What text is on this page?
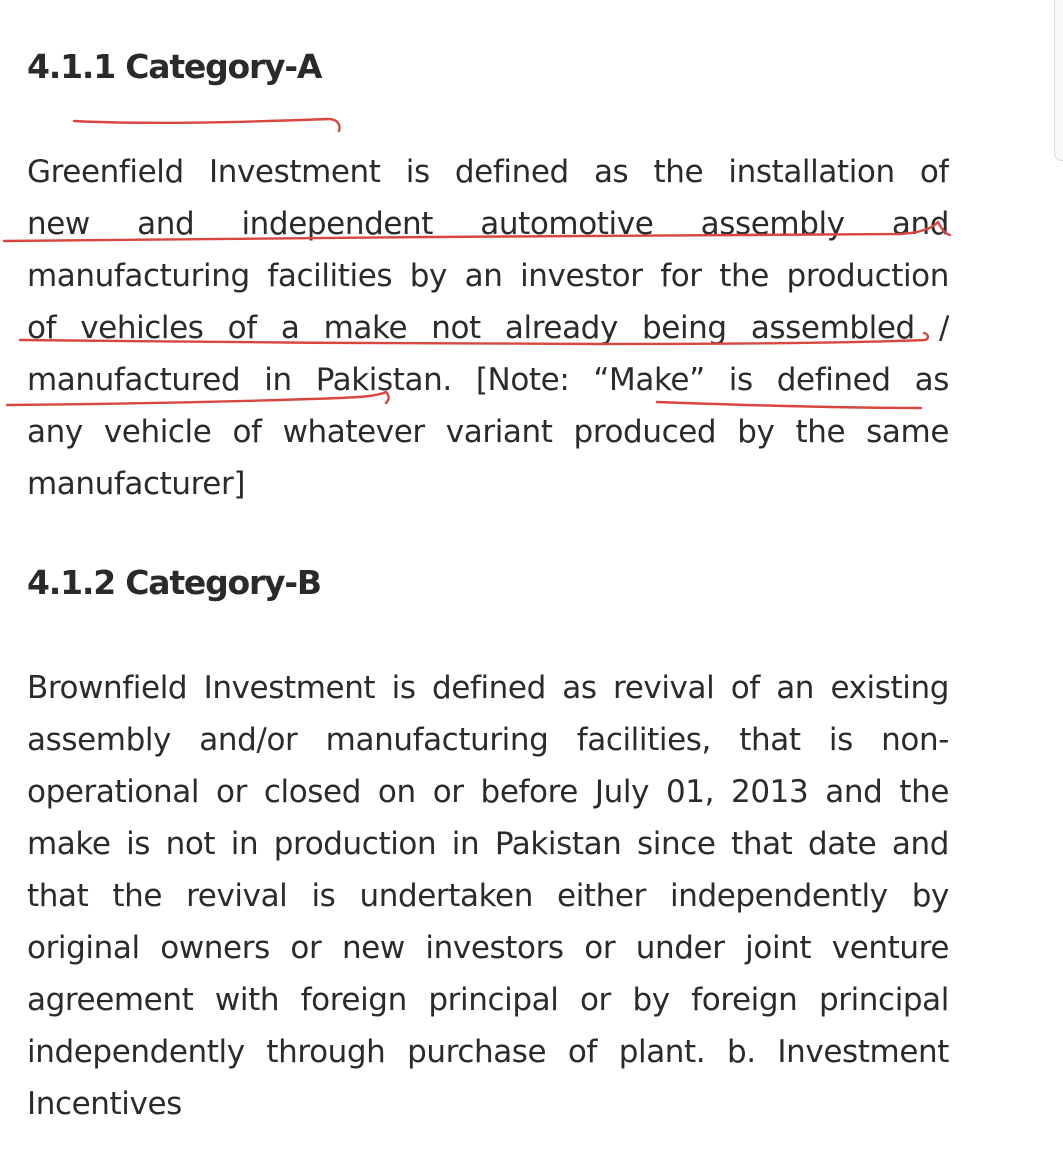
4.1.1 Category-A
Greenfield Investment is defined as the installation of
new and independent automotive assembly and
manufacturing facilities by an investor for the production
of vehicles of a make not already being assembled /
manufactured in Pakistan. [Note: “Make” is defined as
any vehicle of whatever variant produced by the same
manufacturer]
4.1.2 Category-B
Brownfield Investment is defined as revival of an existing
assembly and/or manufacturing facilities, that is non-
operational or closed on or before July 01, 2013 and the
make is not in production in Pakistan since that date and
that the revival is undertaken either independently by
original owners or new investors or under joint venture
agreement with foreign principal or by foreign principal
independently through purchase of plant. b. Investment
Incentives
